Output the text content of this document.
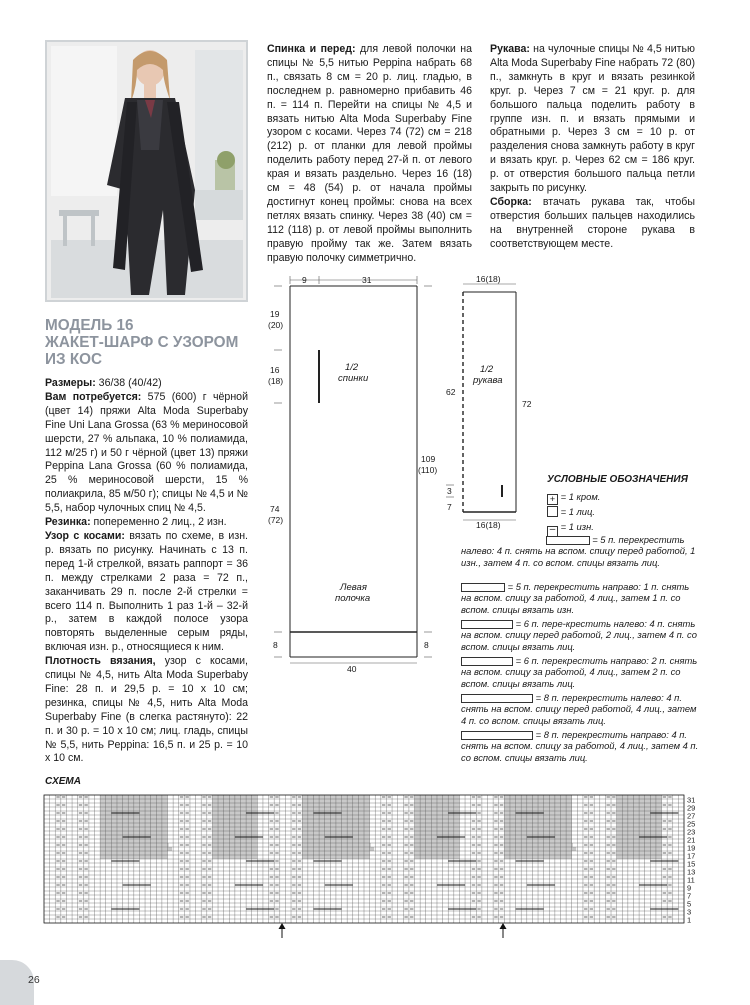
МОДЕЛЬ 16
ЖАКЕТ-ШАРФ С УЗОРОМ
ИЗ КОС

Размеры: 36/38 (40/42)

Вам потребуется: 575 (600) г чёрной (цвет 14) пряжи Alta Moda Superbaby Fine Uni Lana Grossa (63 % мериносовой шерсти, 27 % альпака, 10 % полиамида, 112 м/25 г) и 50 г чёрной (цвет 13) пряжи Peppina Lana Grossa (60 % полиамида, 25 % мериносовой шерсти, 15 % полиакрила, 85 м/50 г); спицы № 4,5 и № 5,5, набор чулочных спиц № 4,5.

Резинка: попеременно 2 лиц., 2 изн.

Узор с косами: вязать по схеме, в изн. р. вязать по рисунку. Начинать с 13 п. перед 1-й стрелкой, вязать раппорт = 36 п. между стрелками 2 раза = 72 п., заканчивать 29 п. после 2-й стрелки = всего 114 п. Выполнить 1 раз 1-й – 32-й р., затем в каждой полосе узора повторять выделенные серым ряды, включая изн. р., относящиеся к ним.

Плотность вязания, узор с косами, спицы № 4,5, нить Alta Moda Superbaby Fine: 28 п. и 29,5 р. = 10 х 10 см; резинка, спицы № 4,5, нить Alta Moda Superbaby Fine (в слегка растянуто): 22 п. и 30 р. = 10 х 10 см; лиц. гладь, спицы № 5,5, нить Peppina: 16,5 п. и 25 р. = 10 х 10 см.

Спинка и перед: для левой полочки на спицы № 5,5 нитью Peppina набрать 68 п., связать 8 см = 20 р. лиц. гладью, в последнем р. равномерно прибавить 46 п. = 114 п. Перейти на спицы № 4,5 и вязать нитью Alta Moda Superbaby Fine узором с косами. Через 74 (72) см = 218 (212) р. от планки для левой проймы поделить работу перед 27-й п. от левого края и вязать раздельно. Через 16 (18) см = 48 (54) р. от начала проймы достигнут конец проймы: снова на всех петлях вязать спинку. Через 38 (40) см = 112 (118) р. от левой проймы выполнить правую пройму так же. Затем вязать правую полочку симметрично.

Рукава: на чулочные спицы № 4,5 нитью Alta Moda Superbaby Fine набрать 72 (80) п., замкнуть в круг и вязать резинкой круг. р. Через 7 см = 21 круг. р. для большого пальца поделить работу в группе изн. п. и вязать прямыми и обратными р. Через 3 см = 10 р. от разделения снова замкнуть работу в круг и вязать круг. р. Через 62 см = 186 круг. р. от отверстия большого пальца петли закрыть по рисунку.

Сборка: втачать рукава так, чтобы отверстия больших пальцев находились на внутренней стороне рукава в соответствующем месте.

9	31
19
(20)
16
(18)
74
(72)
8
109
(110)
8
40
1/2
спинки
Левая
полочка
16(18)
16(18)
62
3
7
72
1/2
рукава
УСЛОВНЫЕ ОБОЗНАЧЕНИЯ
+ = 1 кром.
= 1 лиц.
– = 1 изн.
= 5 п. перекрестить налево: 4 п. снять на вспом. спицу перед работой, 1 изн., затем 4 п. со вспом. спицы вязать лиц.
= 5 п. перекрестить направо: 1 п. снять на вспом. спицу за работой, 4 лиц., затем 1 п. со вспом. спицы вязать изн.
= 6 п. пере-крестить налево: 4 п. снять на вспом. спицу перед работой, 2 лиц., затем 4 п. со вспом. спицы вязать лиц.
= 6 п. перекрестить направо: 2 п. снять на вспом. спицу за работой, 4 лиц., затем 2 п. со вспом. спицы вязать лиц.
= 8 п. перекрестить налево: 4 п. снять на вспом. спицу перед работой, 4 лиц., затем 4 п. со вспом. спицы вязать лиц.
= 8 п. перекрестить направо: 4 п. снять на вспом. спицу за работой, 4 лиц., затем 4 п. со вспом. спицы вязать лиц.
СХЕМА
31
29
27
25
23
21
19
17
15
13
11
9
7
5
3
1
26
